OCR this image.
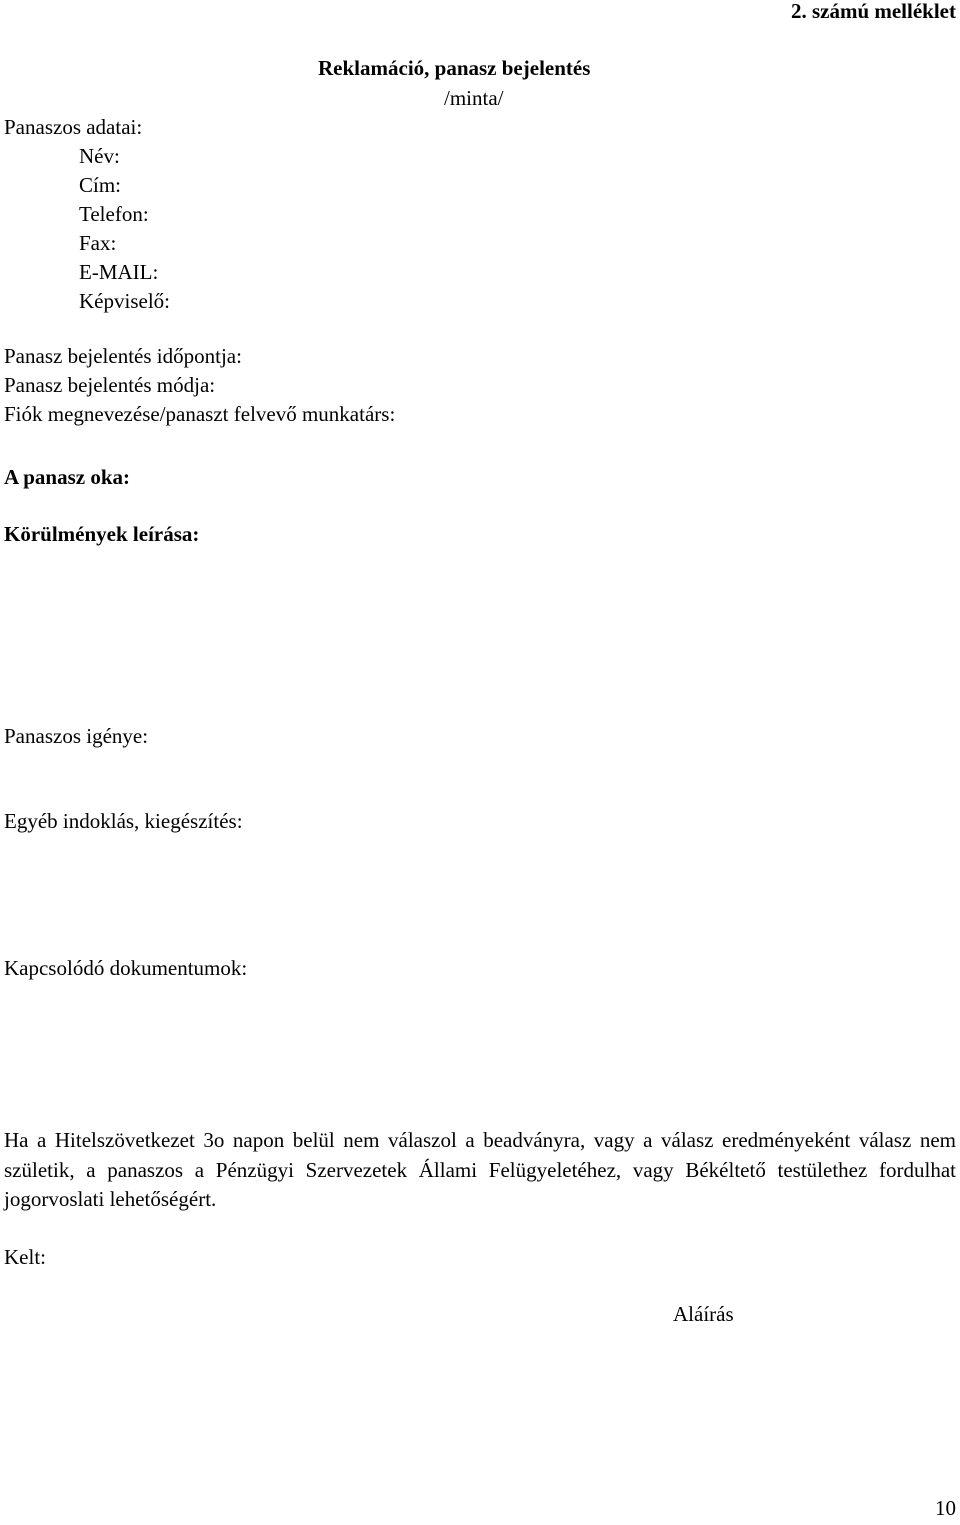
2. számú melléklet
Reklamáció, panasz bejelentés
/minta/
Panaszos adatai:
Név:
Cím:
Telefon:
Fax:
E-MAIL:
Képviselő:
Panasz bejelentés időpontja:
Panasz bejelentés módja:
Fiók megnevezése/panaszt felvevő munkatárs:
A panasz oka:
Körülmények leírása:
Panaszos igénye:
Egyéb indoklás, kiegészítés:
Kapcsolódó dokumentumok:
Ha a Hitelszövetkezet 3o napon belül nem válaszol a beadványra, vagy a válasz eredményeként válasz nem születik, a panaszos a Pénzügyi Szervezetek Állami Felügyeletéhez, vagy Békéltető testülethez fordulhat jogorvoslati lehetőségért.
Kelt:
Aláírás
10
